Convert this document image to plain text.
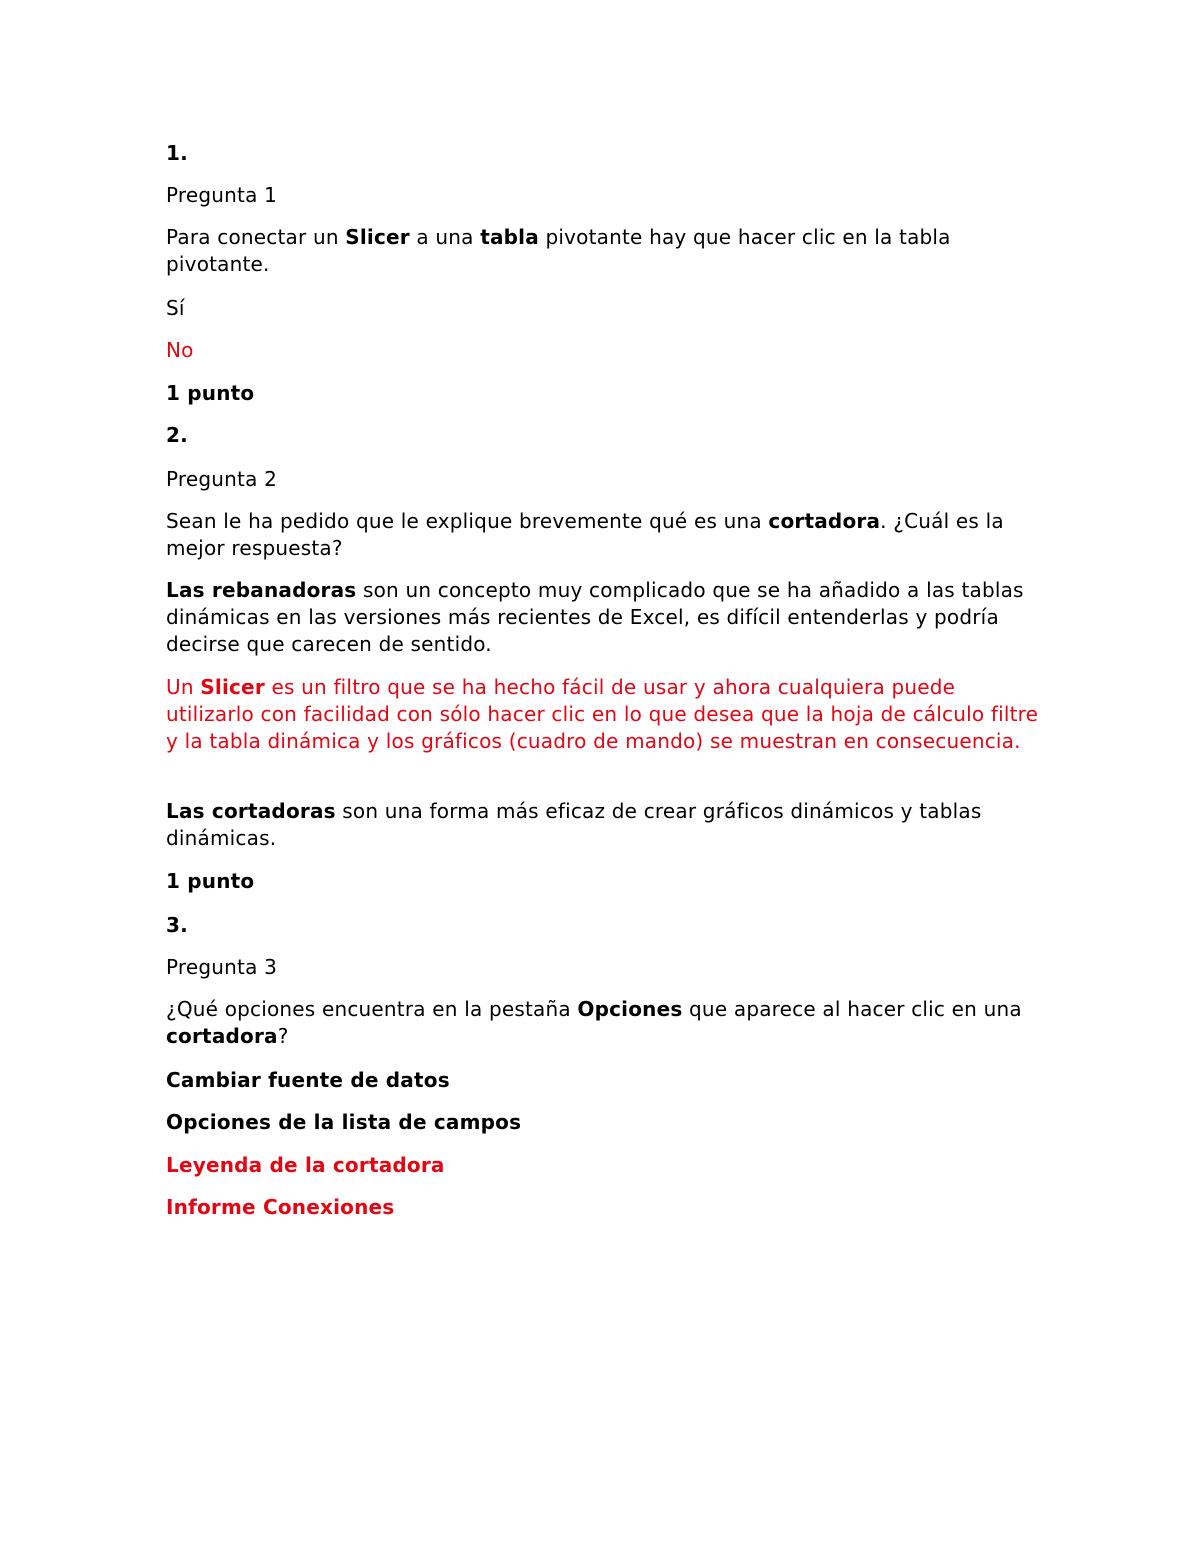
1.
Pregunta 1
Para conectar un Slicer a una tabla pivotante hay que hacer clic en la tabla pivotante.
Sí
No
1 punto
2.
Pregunta 2
Sean le ha pedido que le explique brevemente qué es una cortadora. ¿Cuál es la mejor respuesta?
Las rebanadoras son un concepto muy complicado que se ha añadido a las tablas dinámicas en las versiones más recientes de Excel, es difícil entenderlas y podría decirse que carecen de sentido.
Un Slicer es un filtro que se ha hecho fácil de usar y ahora cualquiera puede utilizarlo con facilidad con sólo hacer clic en lo que desea que la hoja de cálculo filtre y la tabla dinámica y los gráficos (cuadro de mando) se muestran en consecuencia.
Las cortadoras son una forma más eficaz de crear gráficos dinámicos y tablas dinámicas.
1 punto
3.
Pregunta 3
¿Qué opciones encuentra en la pestaña Opciones que aparece al hacer clic en una cortadora?
Cambiar fuente de datos
Opciones de la lista de campos
Leyenda de la cortadora
Informe Conexiones
